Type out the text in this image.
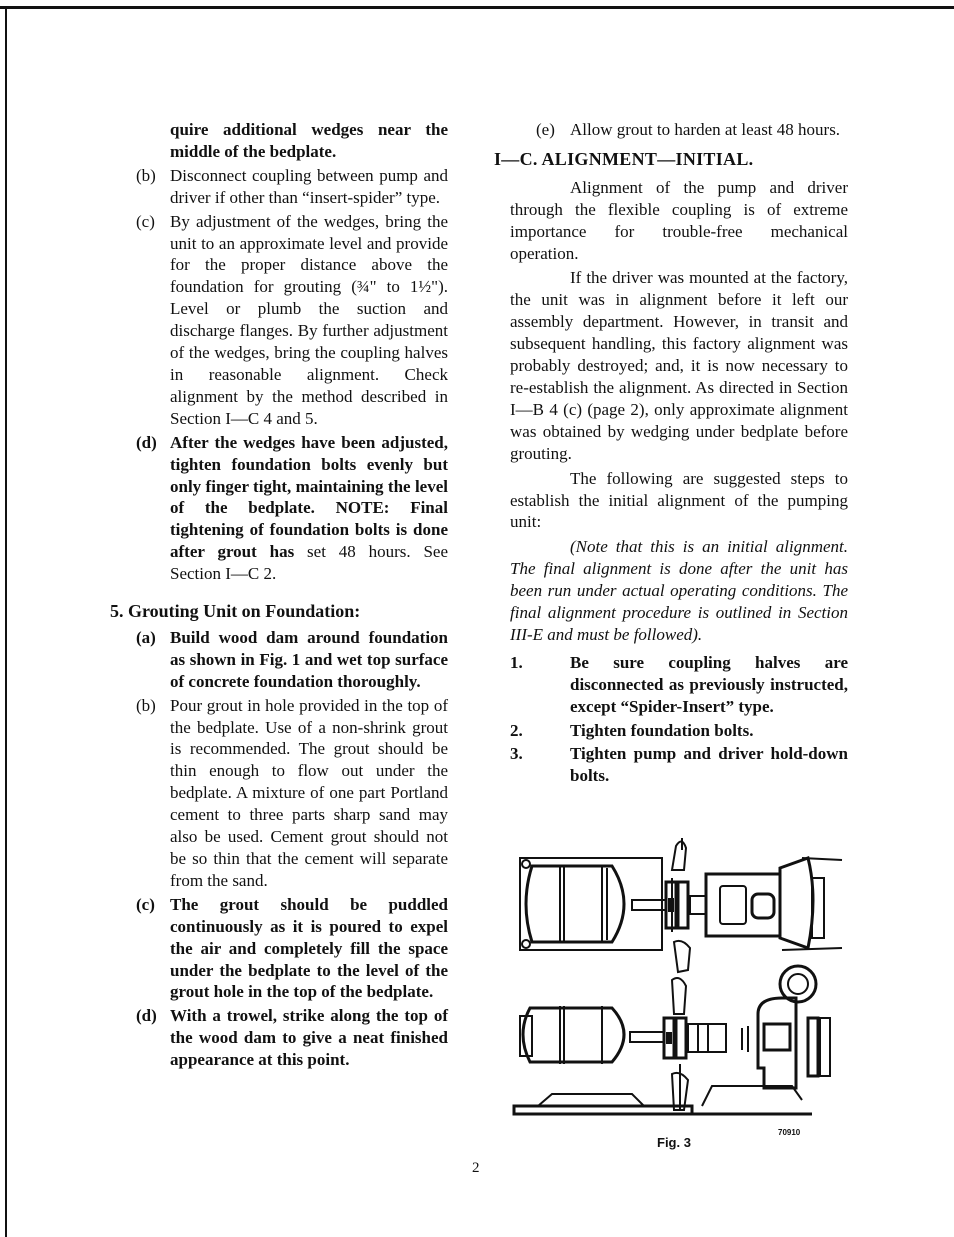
quire additional wedges near the middle of the bedplate.
(b) Disconnect coupling between pump and driver if other than “insert-spider” type.
(c) By adjustment of the wedges, bring the unit to an approximate level and provide for the proper distance above the foundation for grouting (¾" to 1½"). Level or plumb the suction and discharge flanges. By further adjustment of the wedges, bring the coupling halves in reasonable alignment. Check alignment by the method described in Section I—C 4 and 5.
(d) After the wedges have been adjusted, tighten foundation bolts evenly but only finger tight, maintaining the level of the bedplate. NOTE: Final tightening of foundation bolts is done after grout has set 48 hours. See Section I—C 2.
5. Grouting Unit on Foundation:
(a) Build wood dam around foundation as shown in Fig. 1 and wet top surface of concrete foundation thoroughly.
(b) Pour grout in hole provided in the top of the bedplate. Use of a non-shrink grout is recommended. The grout should be thin enough to flow out under the bedplate. A mixture of one part Portland cement to three parts sharp sand may also be used. Cement grout should not be so thin that the cement will separate from the sand.
(c) The grout should be puddled continuously as it is poured to expel the air and completely fill the space under the bedplate to the level of the grout hole in the top of the bedplate.
(d) With a trowel, strike along the top of the wood dam to give a neat finished appearance at this point.
(e) Allow grout to harden at least 48 hours.
I—C. ALIGNMENT—INITIAL.

Alignment of the pump and driver through the flexible coupling is of extreme importance for trouble-free mechanical operation.

If the driver was mounted at the factory, the unit was in alignment before it left our assembly department. However, in transit and subsequent handling, this factory alignment was probably destroyed; and, it is now necessary to re-establish the alignment. As directed in Section I—B 4 (c) (page 2), only approximate alignment was obtained by wedging under bedplate before grouting.

The following are suggested steps to establish the initial alignment of the pumping unit:

(Note that this is an initial alignment. The final alignment is done after the unit has been run under actual operating conditions. The final alignment procedure is outlined in Section III-E and must be followed).

1.	Be sure coupling halves are disconnected as previously instructed, except “Spider-Insert” type.
2.	Tighten foundation bolts.
3.	Tighten pump and driver hold-down bolts.
Fig. 3
70910
2
